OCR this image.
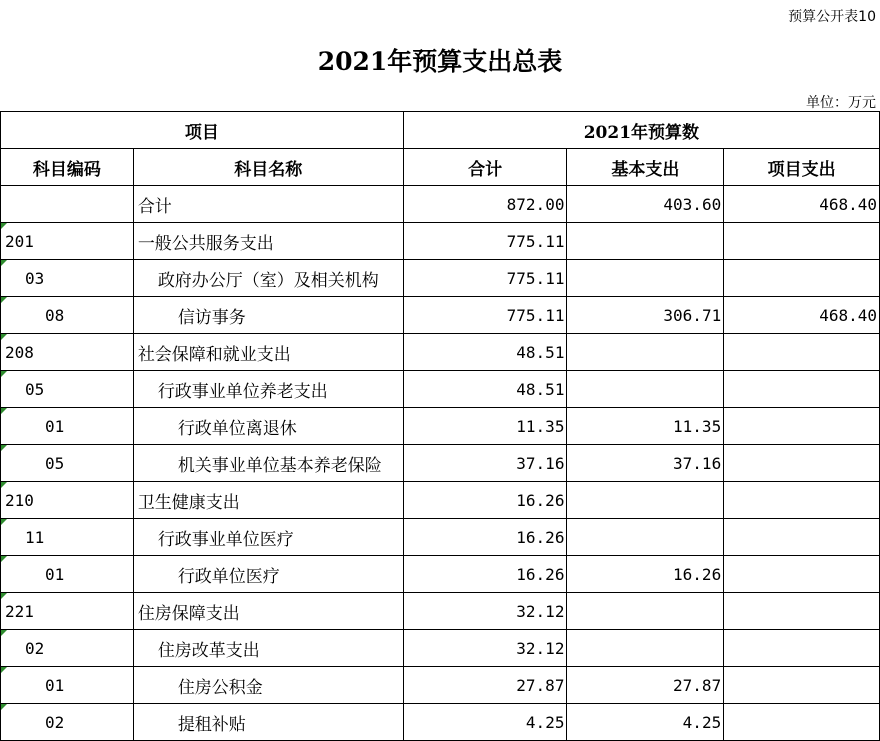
预算公开表10
2021年预算支出总表
单位：万元
项目		2021年预算数		
科目编码	科目名称	合计	基本支出	项目支出
	合计	872.00	403.60	468.40

201	一般公共服务支出	775.11		

03	政府办公厅（室）及相关机构	775.11		

08	信访事务	775.11	306.71	468.40

208	社会保障和就业支出	48.51		

05	行政事业单位养老支出	48.51		

01	行政单位离退休	11.35	11.35	

05	机关事业单位基本养老保险	37.16	37.16	

210	卫生健康支出	16.26		

11	行政事业单位医疗	16.26		

01	行政单位医疗	16.26	16.26	

221	住房保障支出	32.12		

02	住房改革支出	32.12		

01	住房公积金	27.87	27.87	

02	提租补贴	4.25	4.25	
